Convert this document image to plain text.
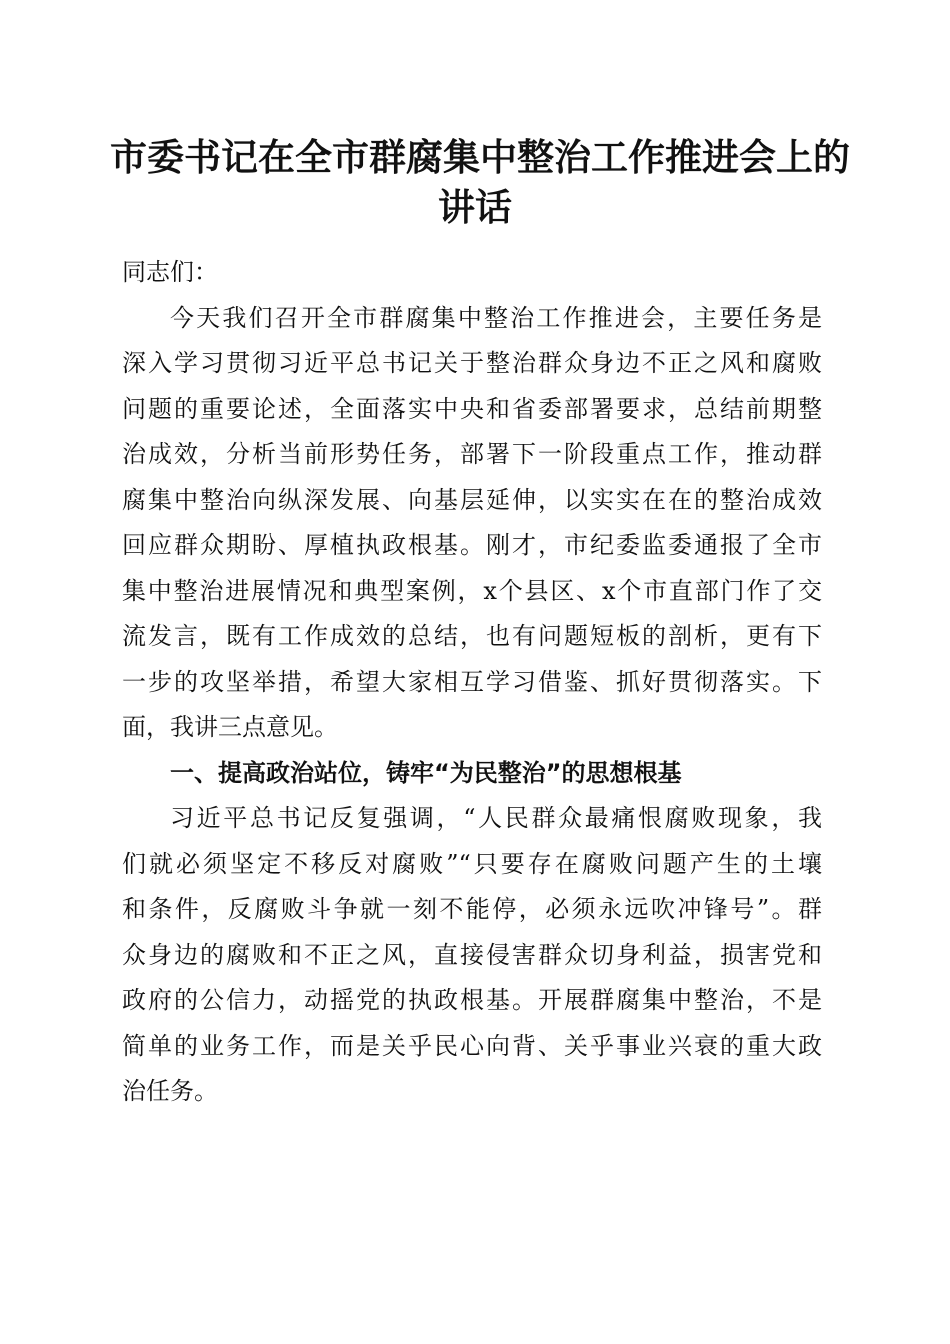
市委书记在全市群腐集中整治工作推进会上的
讲话
同志们：
今天我们召开全市群腐集中整治工作推进会，主要任务是
深入学习贯彻习近平总书记关于整治群众身边不正之风和腐败
问题的重要论述，全面落实中央和省委部署要求，总结前期整
治成效，分析当前形势任务，部署下一阶段重点工作，推动群
腐集中整治向纵深发展、向基层延伸，以实实在在的整治成效
回应群众期盼、厚植执政根基。刚才，市纪委监委通报了全市
集中整治进展情况和典型案例，x个县区、x个市直部门作了交
流发言，既有工作成效的总结，也有问题短板的剖析，更有下
一步的攻坚举措，希望大家相互学习借鉴、抓好贯彻落实。下
面，我讲三点意见。
一、提高政治站位，铸牢“为民整治”的思想根基
习近平总书记反复强调，“人民群众最痛恨腐败现象，我
们就必须坚定不移反对腐败”“只要存在腐败问题产生的土壤
和条件，反腐败斗争就一刻不能停，必须永远吹冲锋号”。群
众身边的腐败和不正之风，直接侵害群众切身利益，损害党和
政府的公信力，动摇党的执政根基。开展群腐集中整治，不是
简单的业务工作，而是关乎民心向背、关乎事业兴衰的重大政
治任务。
